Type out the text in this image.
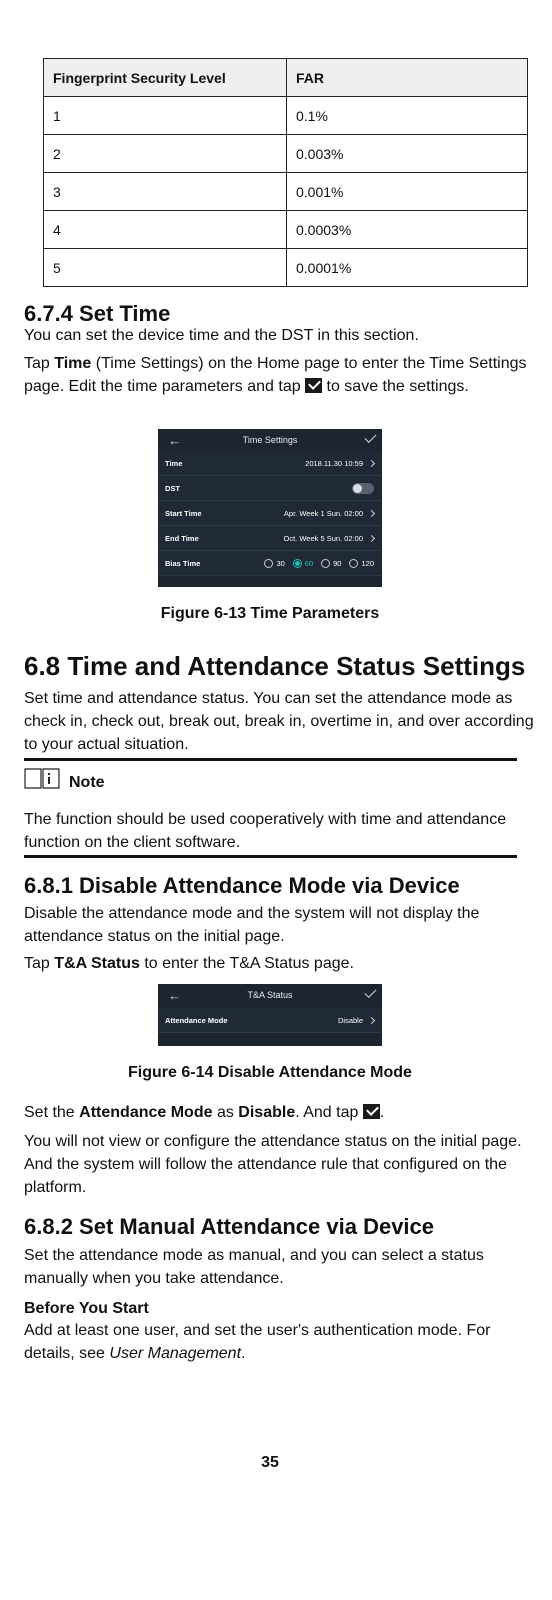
Fingerprint Security Level	FAR
1	0.1%
2	0.003%
3	0.001%
4	0.0003%
5	0.0001%
6.7.4 Set Time

You can set the device time and the DST in this section.

Tap Time (Time Settings) on the Home page to enter the Time Settings page. Edit the time parameters and tap  to save the settings.

←	Time Settings
Time	2018.11.30 10:59
DST
Start Time	Apr. Week 1 Sun. 02:00
End Time	Oct. Week 5 Sun. 02:00
Bias Time	30	60	90	120

Figure 6-13 Time Parameters

6.8 Time and Attendance Status Settings

Set time and attendance status. You can set the attendance mode as check in, check out, break out, break in, overtime in, and over according to your actual situation.

Note

The function should be used cooperatively with time and attendance function on the client software.

6.8.1 Disable Attendance Mode via Device

Disable the attendance mode and the system will not display the attendance status on the initial page.

Tap T&A Status to enter the T&A Status page.

←	T&A Status
Attendance Mode	Disable

Figure 6-14 Disable Attendance Mode

Set the Attendance Mode as Disable. And tap .

You will not view or configure the attendance status on the initial page. And the system will follow the attendance rule that configured on the platform.

6.8.2 Set Manual Attendance via Device

Set the attendance mode as manual, and you can select a status manually when you take attendance.

Before You Start

Add at least one user, and set the user's authentication mode. For details, see User Management.

35
